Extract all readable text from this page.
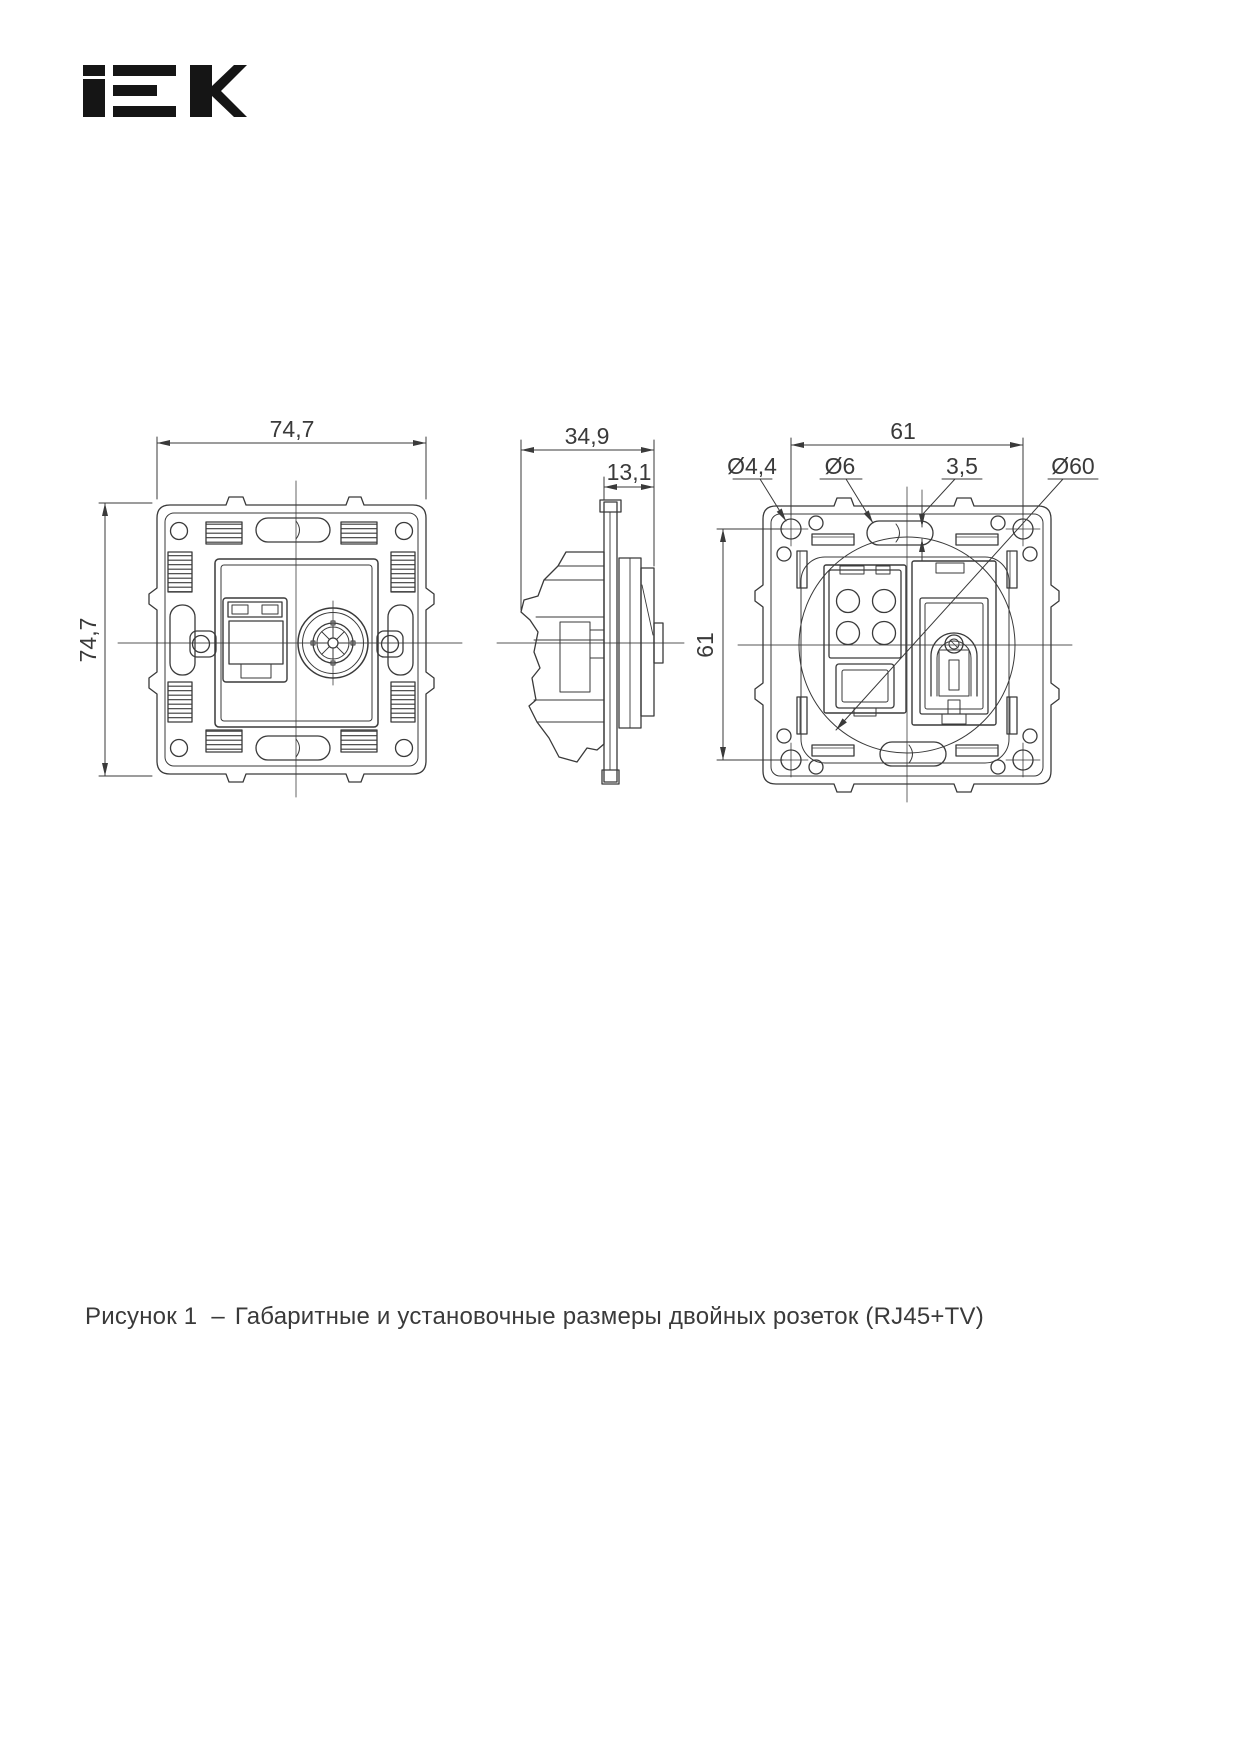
74,7
74,7
34,9
13,1
61
61
Ø4,4 Ø6	3,5	Ø60
Рисунок 1 – Габаритные и установочные размеры двойных розеток (RJ45+TV)
